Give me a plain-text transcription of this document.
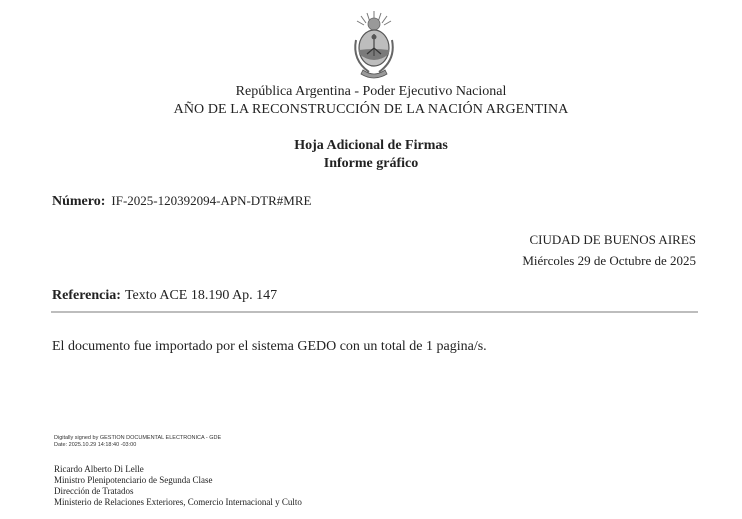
República Argentina - Poder Ejecutivo Nacional
AÑO DE LA RECONSTRUCCIÓN DE LA NACIÓN ARGENTINA
Hoja Adicional de Firmas
Informe gráfico
Número: IF-2025-120392094-APN-DTR#MRE
CIUDAD DE BUENOS AIRES
Miércoles 29 de Octubre de 2025
Referencia: Texto ACE 18.190 Ap. 147
El documento fue importado por el sistema GEDO con un total de 1 pagina/s.
Digitally signed by GESTION DOCUMENTAL ELECTRONICA - GDE
Date: 2025.10.29 14:18:40 -03:00
Ricardo Alberto Di Lelle
Ministro Plenipotenciario de Segunda Clase
Dirección de Tratados
Ministerio de Relaciones Exteriores, Comercio Internacional y Culto
